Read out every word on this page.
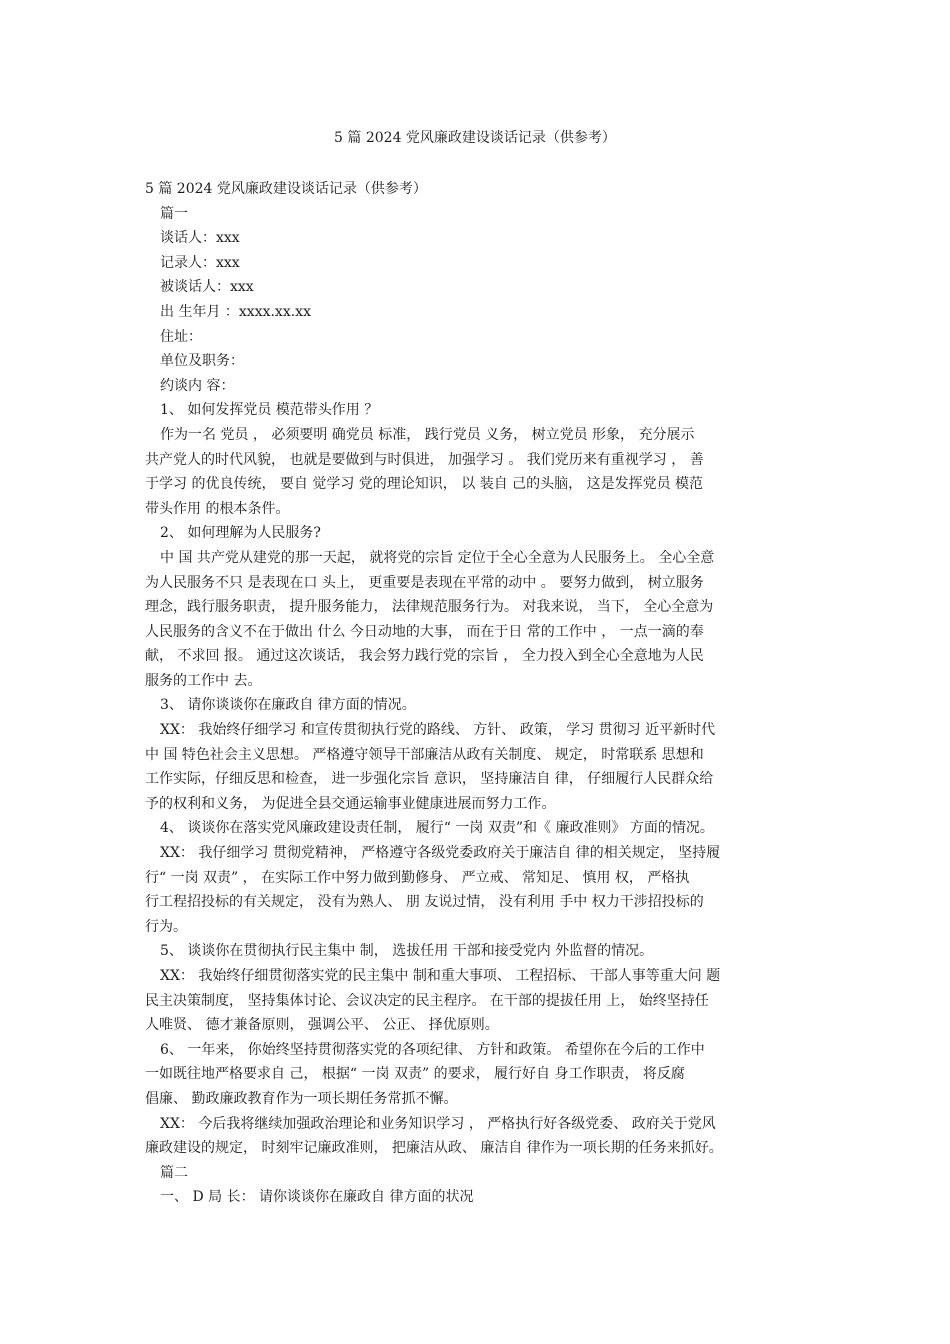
5 篇 2024 党风廉政建设谈话记录（供参考）
5 篇 2024 党风廉政建设谈话记录（供参考）
篇一
谈话人：xxx
记录人：xxx
被谈话人：xxx
出 生年月 ：xxxx.xx.xx
住址：
单位及职务：
约谈内 容：
1、 如何发挥党员 模范带头作用 ？
作为一名 党员 ， 必须要明 确党员 标准， 践行党员 义务， 树立党员 形象， 充分展示
共产党人的时代风貌， 也就是要做到与时俱进， 加强学习 。 我们党历来有重视学习 ， 善
于学习 的优良传统， 要自 觉学习 党的理论知识， 以 装自 己的头脑， 这是发挥党员 模范
带头作用 的根本条件。
2、 如何理解为人民服务?
中 国 共产党从建党的那一天起， 就将党的宗旨 定位于全心全意为人民服务上。 全心全意
为人民服务不只 是表现在口 头上， 更重要是表现在平常的动中 。 要努力做到， 树立服务
理念，践行服务职责， 提升服务能力， 法律规范服务行为。 对我来说， 当下， 全心全意为
人民服务的含义不在于做出 什么 今日动地的大事， 而在于日 常的工作中 ， 一点一滴的奉
献， 不求回 报。 通过这次谈话， 我会努力践行党的宗旨 ， 全力投入到全心全意地为人民
服务的工作中 去。
3、 请你谈谈你在廉政自 律方面的情况。
XX： 我始终仔细学习 和宣传贯彻执行党的路线、 方针、 政策， 学习 贯彻习 近平新时代
中 国 特色社会主义思想。 严格遵守领导干部廉洁从政有关制度、 规定， 时常联系 思想和
工作实际，仔细反思和检查， 进一步强化宗旨 意识， 坚持廉洁自 律， 仔细履行人民群众给
予的权利和义务， 为促进全县交通运输事业健康进展而努力工作。
4、 谈谈你在落实党风廉政建设责任制， 履行“ 一岗 双责”和《 廉政准则》 方面的情况。
XX： 我仔细学习 贯彻党精神， 严格遵守各级党委政府关于廉洁自 律的相关规定， 坚持履
行“ 一岗 双责” ， 在实际工作中努力做到勤修身、 严立戒、 常知足、 慎用 权， 严格执
行工程招投标的有关规定， 没有为熟人、 朋 友说过情， 没有利用 手中 权力干涉招投标的
行为。
5、 谈谈你在贯彻执行民主集中 制， 选拔任用 干部和接受党内 外监督的情况。
XX： 我始终仔细贯彻落实党的民主集中 制和重大事项、 工程招标、 干部人事等重大问 题
民主决策制度， 坚持集体讨论、会议决定的民主程序。 在干部的提拔任用 上， 始终坚持任
人唯贤、 德才兼备原则， 强调公平、 公正、 择优原则。
6、 一年来， 你始终坚持贯彻落实党的各项纪律、 方针和政策。 希望你在今后的工作中
一如既往地严格要求自 己， 根据“ 一岗 双责” 的要求， 履行好自 身工作职责， 将反腐
倡廉、 勤政廉政教育作为一项长期任务常抓不懈。
XX： 今后我将继续加强政治理论和业务知识学习 ， 严格执行好各级党委、 政府关于党风
廉政建设的规定， 时刻牢记廉政准则， 把廉洁从政、 廉洁自 律作为一项长期的任务来抓好。
篇二
一、 D 局 长： 请你谈谈你在廉政自 律方面的状况
